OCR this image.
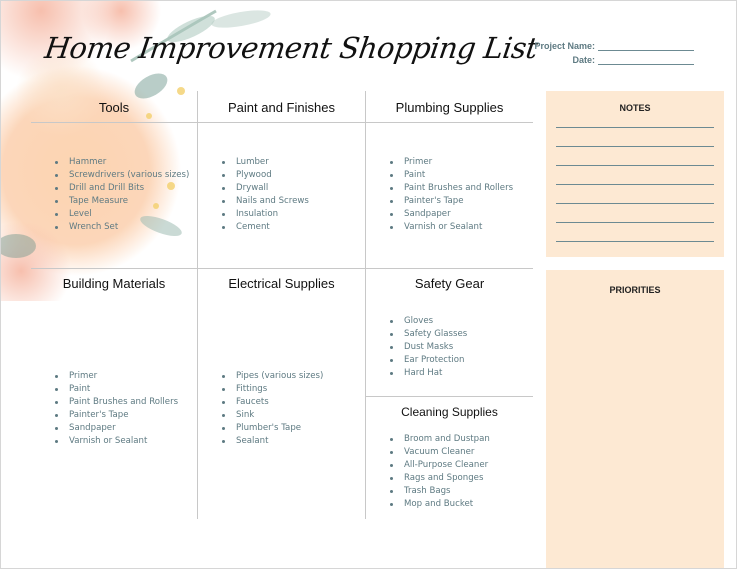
Home Improvement Shopping List
Project Name:
Date:
Tools
Hammer
Screwdrivers (various sizes)
Drill and Drill Bits
Tape Measure
Level
Wrench Set
Paint and Finishes
Lumber
Plywood
Drywall
Nails and Screws
Insulation
Cement
Plumbing Supplies
Primer
Paint
Paint Brushes and Rollers
Painter's Tape
Sandpaper
Varnish or Sealant
Building Materials
Primer
Paint
Paint Brushes and Rollers
Painter's Tape
Sandpaper
Varnish or Sealant
Electrical Supplies
Pipes (various sizes)
Fittings
Faucets
Sink
Plumber's Tape
Sealant
Safety Gear
Gloves
Safety Glasses
Dust Masks
Ear Protection
Hard Hat
Cleaning Supplies
Broom and Dustpan
Vacuum Cleaner
All-Purpose Cleaner
Rags and Sponges
Trash Bags
Mop and Bucket
NOTES
PRIORITIES
